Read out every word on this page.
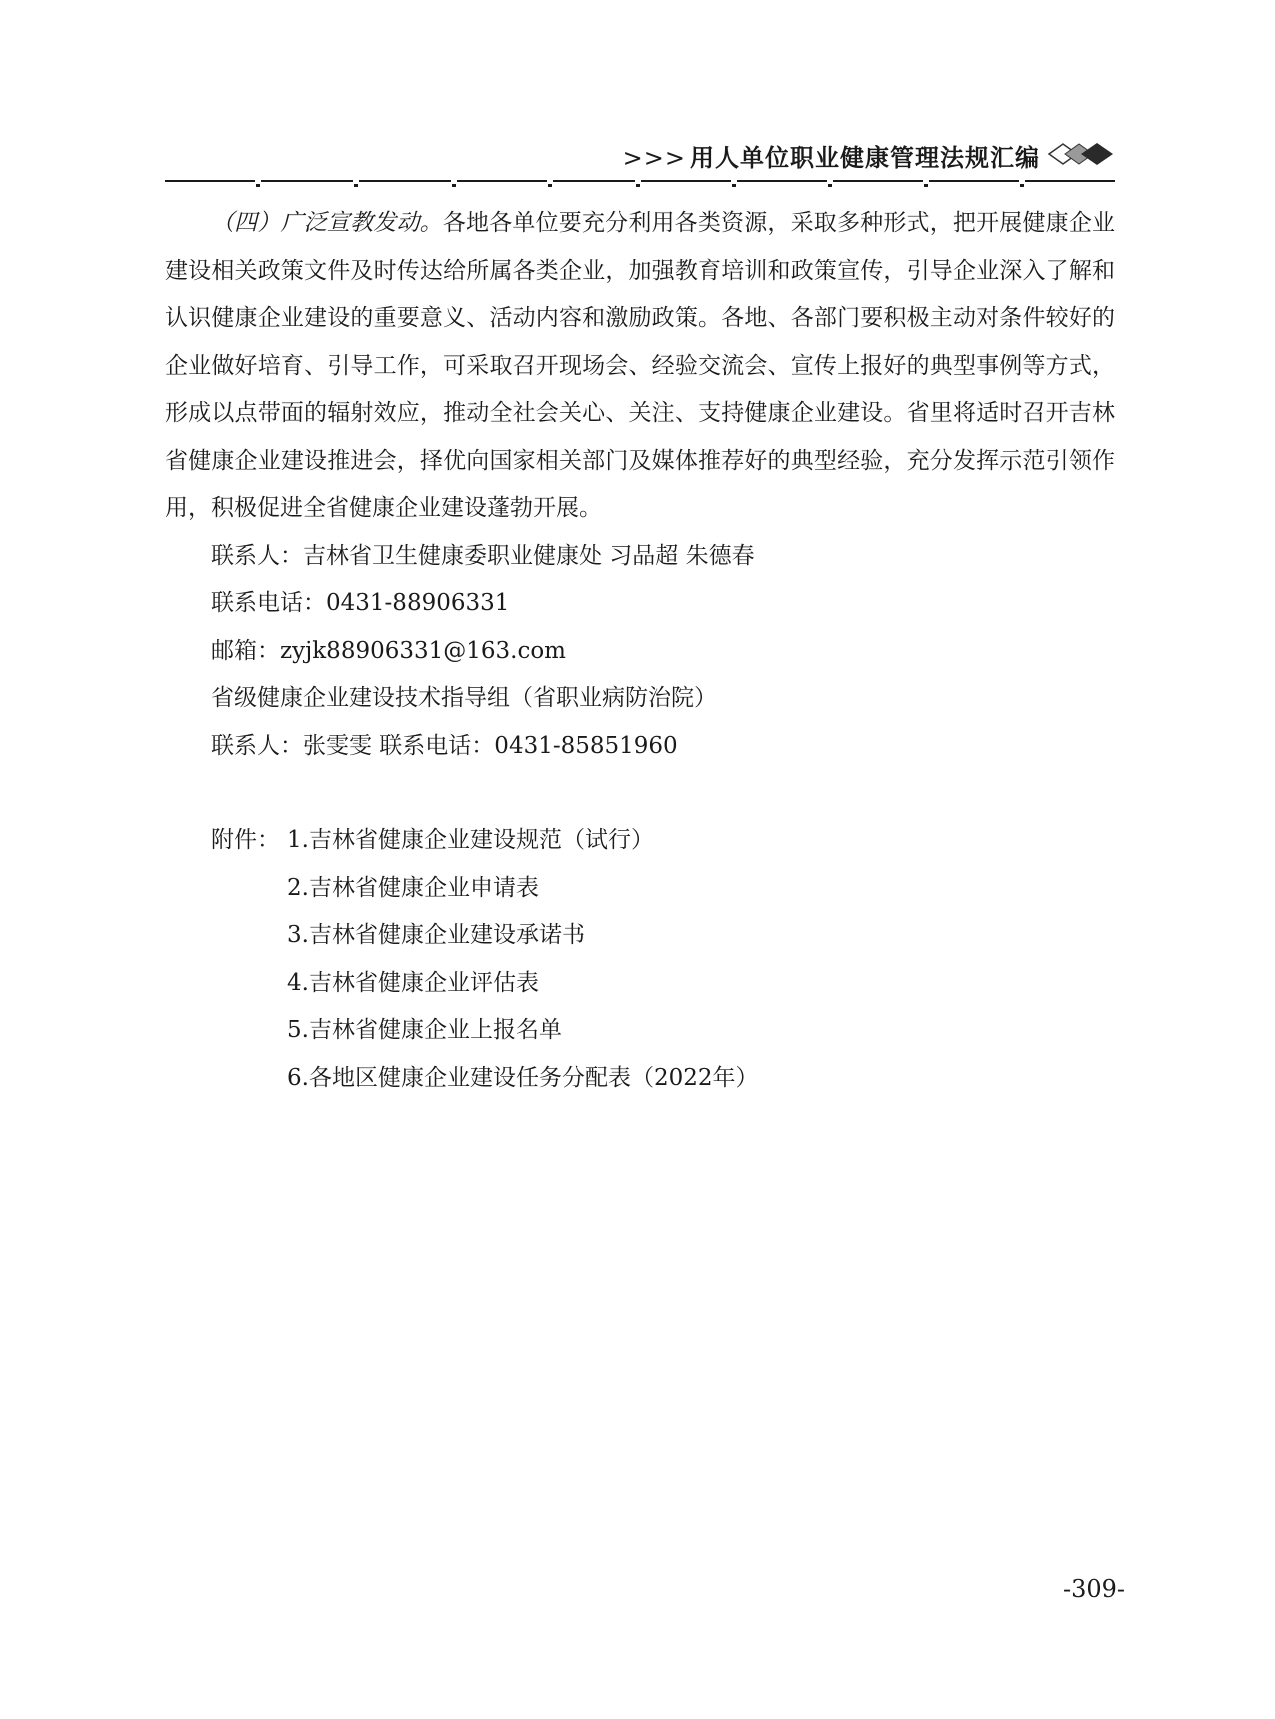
>>> 用人单位职业健康管理法规汇编

（四）广泛宣教发动。各地各单位要充分利用各类资源，采取多种形式，把开展健康企业建设相关政策文件及时传达给所属各类企业，加强教育培训和政策宣传，引导企业深入了解和认识健康企业建设的重要意义、活动内容和激励政策。各地、各部门要积极主动对条件较好的企业做好培育、引导工作，可采取召开现场会、经验交流会、宣传上报好的典型事例等方式，形成以点带面的辐射效应，推动全社会关心、关注、支持健康企业建设。省里将适时召开吉林省健康企业建设推进会，择优向国家相关部门及媒体推荐好的典型经验，充分发挥示范引领作用，积极促进全省健康企业建设蓬勃开展。

联系人：吉林省卫生健康委职业健康处 习品超 朱德春

联系电话：0431-88906331

邮箱：zyjk88906331@163.com

省级健康企业建设技术指导组（省职业病防治院）

联系人：张雯雯 联系电话：0431-85851960

附件： 1.吉林省健康企业建设规范（试行）

2.吉林省健康企业申请表

3.吉林省健康企业建设承诺书

4.吉林省健康企业评估表

5.吉林省健康企业上报名单

6.各地区健康企业建设任务分配表（2022年）

-309-
